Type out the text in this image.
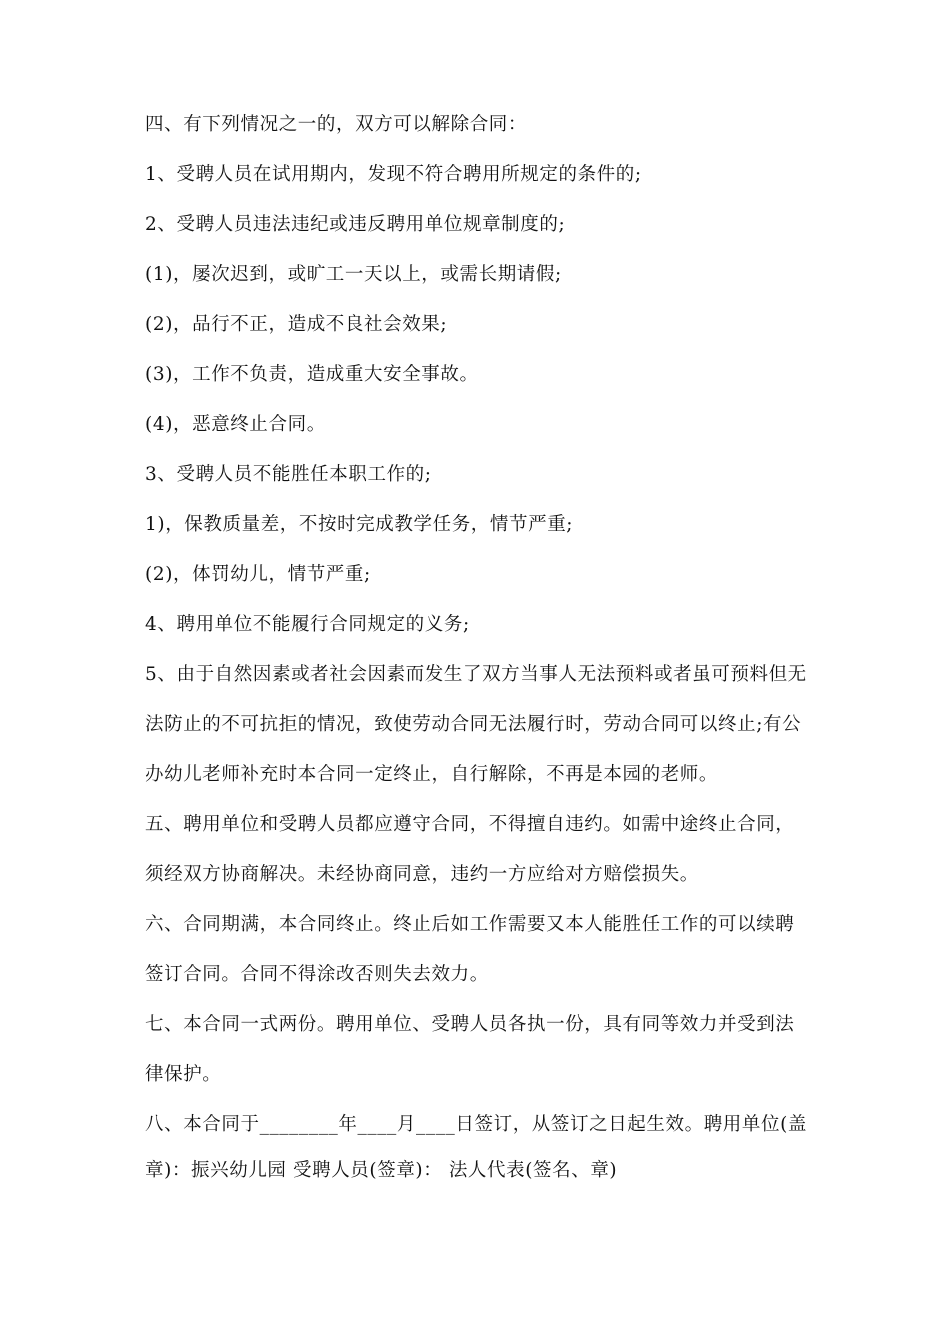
四、有下列情况之一的，双方可以解除合同：
1、受聘人员在试用期内，发现不符合聘用所规定的条件的;
2、受聘人员违法违纪或违反聘用单位规章制度的;
(1)，屡次迟到，或旷工一天以上，或需长期请假;
(2)，品行不正，造成不良社会效果;
(3)，工作不负责，造成重大安全事故。
(4)，恶意终止合同。
3、受聘人员不能胜任本职工作的;
1)，保教质量差，不按时完成教学任务，情节严重;
(2)，体罚幼儿，情节严重;
4、聘用单位不能履行合同规定的义务;
5、由于自然因素或者社会因素而发生了双方当事人无法预料或者虽可预料但无
法防止的不可抗拒的情况，致使劳动合同无法履行时，劳动合同可以终止;有公
办幼儿老师补充时本合同一定终止，自行解除，不再是本园的老师。
五、聘用单位和受聘人员都应遵守合同，不得擅自违约。如需中途终止合同，
须经双方协商解决。未经协商同意，违约一方应给对方赔偿损失。
六、合同期满，本合同终止。终止后如工作需要又本人能胜任工作的可以续聘
签订合同。合同不得涂改否则失去效力。
七、本合同一式两份。聘用单位、受聘人员各执一份，具有同等效力并受到法
律保护。
八、本合同于________年____月____日签订，从签订之日起生效。聘用单位(盖
章)：振兴幼儿园 受聘人员(签章)： 法人代表(签名、章)
